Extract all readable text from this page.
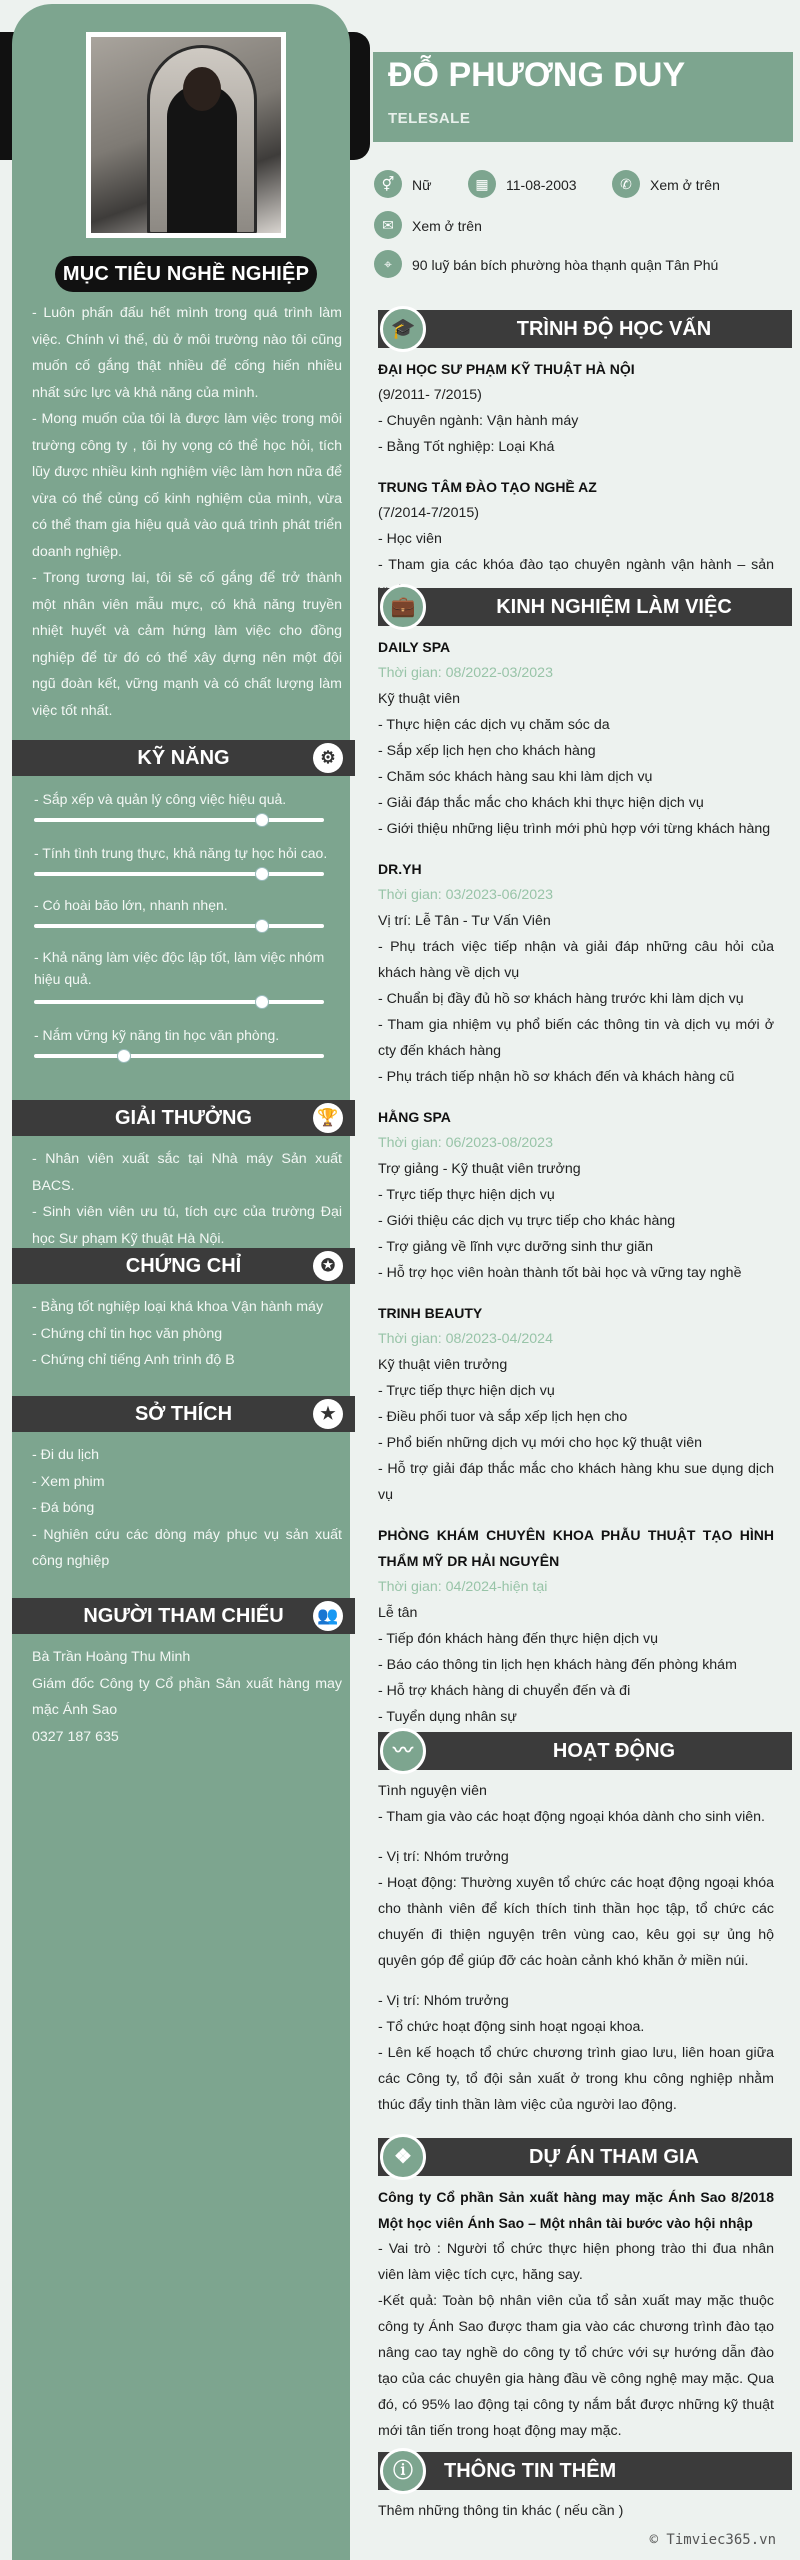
MỤC TIÊU NGHỀ NGHIỆP

- Luôn phấn đấu hết mình trong quá trình làm việc. Chính vì thế, dù ở môi trường nào tôi cũng muốn cố gắng thật nhiều để cống hiến nhiều nhất sức lực và khả năng của mình.

- Mong muốn của tôi là được làm việc trong môi trường công ty , tôi hy vọng có thể học hỏi, tích lũy được nhiều kinh nghiệm việc làm hơn nữa để vừa có thể củng cố kinh nghiệm của mình, vừa có thể tham gia hiệu quả vào quá trình phát triển doanh nghiệp.

- Trong tương lai, tôi sẽ cố gắng để trở thành một nhân viên mẫu mực, có khả năng truyền nhiệt huyết và cảm hứng làm việc cho đồng nghiệp để từ đó có thể xây dựng nên một đội ngũ đoàn kết, vững mạnh và có chất lượng làm việc tốt nhất.

KỸ NĂNG	⚙
- Sắp xếp và quản lý công việc hiệu quả.
- Tính tình trung thực, khả năng tự học hỏi cao.
- Có hoài bão lớn, nhanh nhẹn.
- Khả năng làm việc độc lập tốt, làm việc nhóm hiệu quả.
- Nắm vững kỹ năng tin học văn phòng.
GIẢI THƯỞNG	🏆

- Nhân viên xuất sắc tại Nhà máy Sản xuất BACS.

- Sinh viên viên ưu tú, tích cực của trường Đại học Sư phạm Kỹ thuật Hà Nội.

CHỨNG CHỈ	✪

- Bằng tốt nghiệp loại khá khoa Vận hành máy

- Chứng chỉ tin học văn phòng

- Chứng chỉ tiếng Anh trình độ B

SỞ THÍCH	★

- Đi du lịch

- Xem phim

- Đá bóng

- Nghiên cứu các dòng máy phục vụ sản xuất công nghiệp

NGƯỜI THAM CHIẾU 👥

Bà Trần Hoàng Thu Minh

Giám đốc Công ty Cổ phần Sản xuất hàng may mặc Ánh Sao

0327 187 635

ĐỖ PHƯƠNG DUY
TELESALE
⚥	Nữ	▦	11-08-2003	✆	Xem ở trên
✉	Xem ở trên
⌖	90 luỹ bán bích phường hòa thạnh quận Tân Phú
🎓	TRÌNH ĐỘ HỌC VẤN

ĐẠI HỌC SƯ PHẠM KỸ THUẬT HÀ NỘI

(9/2011- 7/2015)

- Chuyên ngành: Vận hành máy

- Bằng Tốt nghiệp: Loại Khá

TRUNG TÂM ĐÀO TẠO NGHỀ AZ

(7/2014-7/2015)

- Học viên

- Tham gia các khóa đào tạo chuyên ngành vận hành – sản

💼	KINH NGHIỆM LÀM VIỆC

DAILY SPA

Thời gian: 08/2022-03/2023

Kỹ thuật viên

- Thực hiện các dịch vụ chăm sóc da

- Sắp xếp lịch hẹn cho khách hàng

- Chăm sóc khách hàng sau khi làm dịch vụ

- Giải đáp thắc mắc cho khách khi thực hiện dịch vụ

- Giới thiệu những liệu trình mới phù hợp với từng khách hàng

DR.YH

Thời gian: 03/2023-06/2023

Vị trí: Lễ Tân - Tư Vấn Viên

- Phụ trách việc tiếp nhận và giải đáp những câu hỏi của khách hàng về dịch vụ

- Chuẩn bị đầy đủ hồ sơ khách hàng trước khi làm dịch vụ

- Tham gia nhiệm vụ phổ biến các thông tin và dịch vụ mới ở cty đến khách hàng

- Phụ trách tiếp nhận hồ sơ khách đến và khách hàng cũ

HẰNG SPA

Thời gian: 06/2023-08/2023

Trợ giảng - Kỹ thuật viên trưởng

- Trực tiếp thực hiện dịch vụ

- Giới thiệu các dịch vụ trực tiếp cho khác hàng

- Trợ giảng về lĩnh vực dưỡng sinh thư giãn

- Hỗ trợ học viên hoàn thành tốt bài học và vững tay nghề

TRINH BEAUTY

Thời gian: 08/2023-04/2024

Kỹ thuật viên trưởng

- Trực tiếp thực hiện dịch vụ

- Điều phối tuor và sắp xếp lịch hẹn cho

- Phổ biến những dịch vụ mới cho học kỹ thuật viên

- Hỗ trợ giải đáp thắc mắc cho khách hàng khu sue dụng dịch vụ

PHÒNG KHÁM CHUYÊN KHOA PHẪU THUẬT TẠO HÌNH THẨM MỸ DR HẢI NGUYÊN

Thời gian: 04/2024-hiện tại

Lễ tân

- Tiếp đón khách hàng đến thực hiện dịch vụ

- Báo cáo thông tin lịch hẹn khách hàng đến phòng khám

- Hỗ trợ khách hàng di chuyển đến và đi

- Tuyển dụng nhân sự

〰	HOẠT ĐỘNG

Tình nguyện viên

- Tham gia vào các hoạt động ngoại khóa dành cho sinh viên.

- Vị trí: Nhóm trưởng

- Hoạt động: Thường xuyên tổ chức các hoạt động ngoại khóa cho thành viên để kích thích tinh thần học tập, tổ chức các chuyến đi thiện nguyện trên vùng cao, kêu gọi sự ủng hộ quyên góp để giúp đỡ các hoàn cảnh khó khăn ở miền núi.

- Vị trí: Nhóm trưởng

- Tổ chức hoạt động sinh hoạt ngoại khoa.

- Lên kế hoạch tổ chức chương trình giao lưu, liên hoan giữa các Công ty, tổ đội sản xuất ở trong khu công nghiệp nhằm thúc đẩy tinh thần làm việc của người lao động.

❖	DỰ ÁN THAM GIA

Công ty Cổ phần Sản xuất hàng may mặc Ánh Sao 8/2018 Một học viên Ánh Sao – Một nhân tài bước vào hội nhập

- Vai trò : Người tổ chức thực hiện phong trào thi đua nhân viên làm việc tích cực, hăng say.

-Kết quả: Toàn bộ nhân viên của tổ sản xuất may mặc thuộc công ty Ánh Sao được tham gia vào các chương trình đào tạo nâng cao tay nghề do công ty tổ chức với sự hướng dẫn đào tạo của các chuyên gia hàng đầu về công nghệ may mặc. Qua đó, có 95% lao động tại công ty nắm bắt được những kỹ thuật mới tân tiến trong hoạt động may mặc.

ⓘ	THÔNG TIN THÊM
Thêm những thông tin khác ( nếu cần )
© Timviec365.vn
